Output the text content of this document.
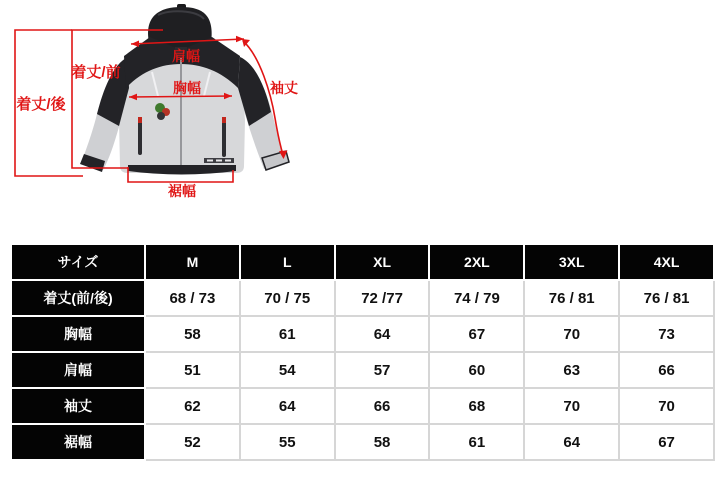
着丈/後
着丈/前
肩幅
胸幅	袖丈
裾幅
サイズ	M	L	XL	2XL	3XL	4XL
着丈(前/後)	68 / 73	70 / 75	72 /77	74 / 79	76 / 81	76 / 81
胸幅	58	61	64	67	70	73
肩幅	51	54	57	60	63	66
袖丈	62	64	66	68	70	70
裾幅	52	55	58	61	64	67
